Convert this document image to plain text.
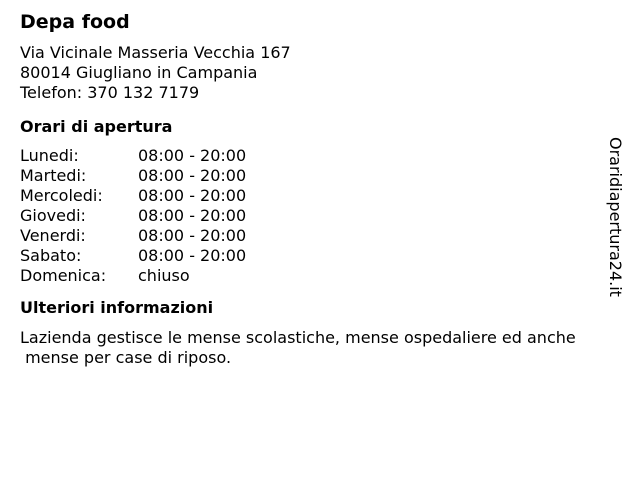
Depa food
Via Vicinale Masseria Vecchia 167
80014 Giugliano in Campania
Telefon: 370 132 7179
Orari di apertura
Lunedi:	08:00 - 20:00
Martedi:	08:00 - 20:00
Mercoledi:	08:00 - 20:00
Giovedi:	08:00 - 20:00
Venerdi:	08:00 - 20:00
Sabato:	08:00 - 20:00
Domenica:	chiuso
Ulteriori informazioni
Lazienda gestisce le mense scolastiche, mense ospedaliere ed anche
mense per case di riposo.
Oraridiapertura24.it
